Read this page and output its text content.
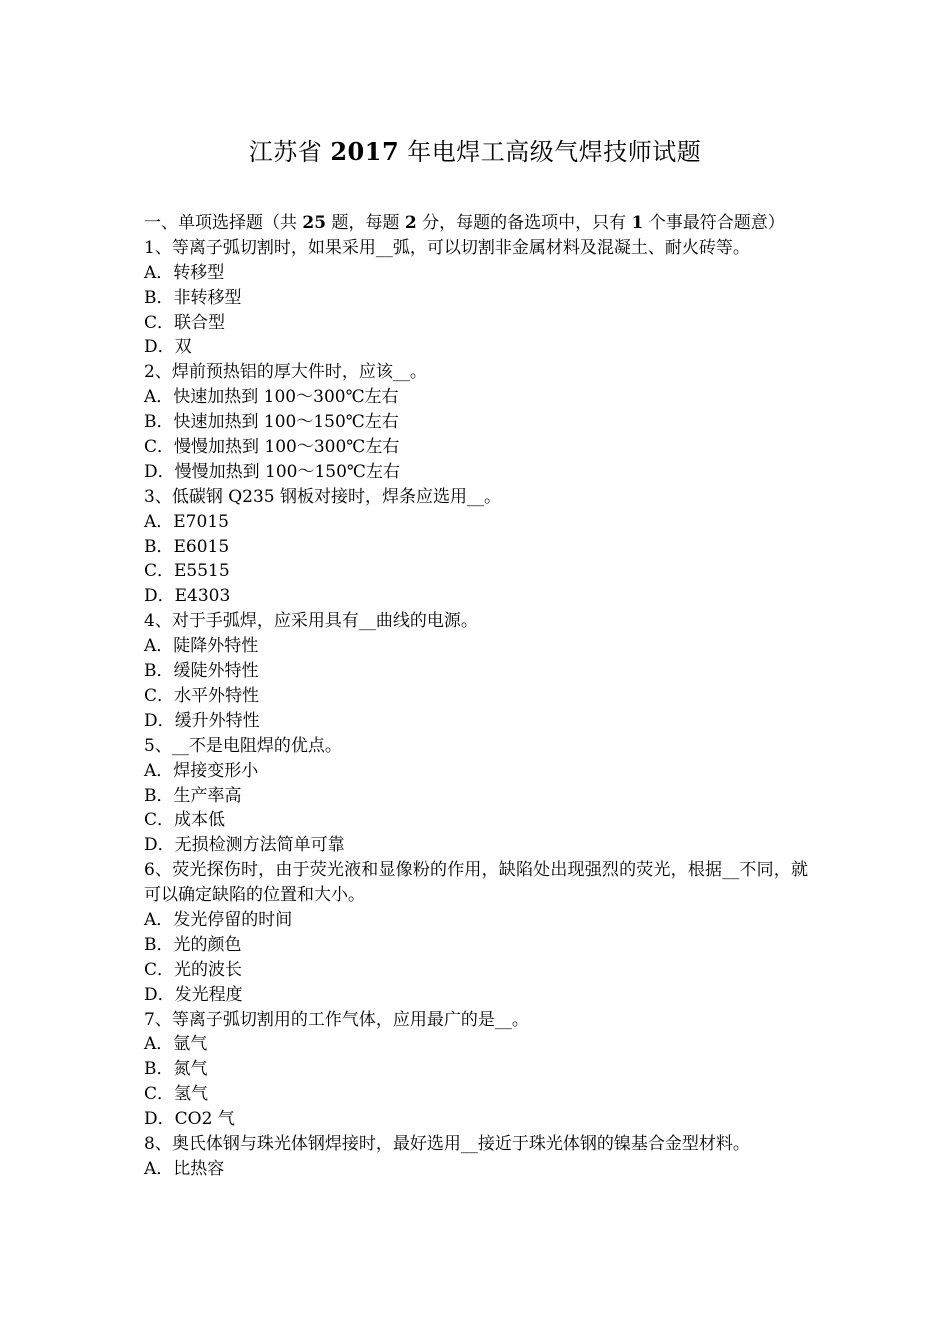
江苏省 2017 年电焊工高级气焊技师试题
一、单项选择题（共 25 题，每题 2 分，每题的备选项中，只有 1 个事最符合题意）
1、等离子弧切割时，如果采用__弧，可以切割非金属材料及混凝土、耐火砖等。
A．转移型
B．非转移型
C．联合型
D．双
2、焊前预热铝的厚大件时，应该__。
A．快速加热到 100～300℃左右
B．快速加热到 100～150℃左右
C．慢慢加热到 100～300℃左右
D．慢慢加热到 100～150℃左右
3、低碳钢 Q235 钢板对接时，焊条应选用__。
A．E7015
B．E6015
C．E5515
D．E4303
4、对于手弧焊，应采用具有__曲线的电源。
A．陡降外特性
B．缓陡外特性
C．水平外特性
D．缓升外特性
5、__不是电阻焊的优点。
A．焊接变形小
B．生产率高
C．成本低
D．无损检测方法简单可靠
6、荧光探伤时，由于荧光液和显像粉的作用，缺陷处出现强烈的荧光，根据__不同，就可以确定缺陷的位置和大小。
A．发光停留的时间
B．光的颜色
C．光的波长
D．发光程度
7、等离子弧切割用的工作气体，应用最广的是__。
A．氩气
B．氮气
C．氢气
D．CO2 气
8、奥氏体钢与珠光体钢焊接时，最好选用__接近于珠光体钢的镍基合金型材料。
A．比热容
